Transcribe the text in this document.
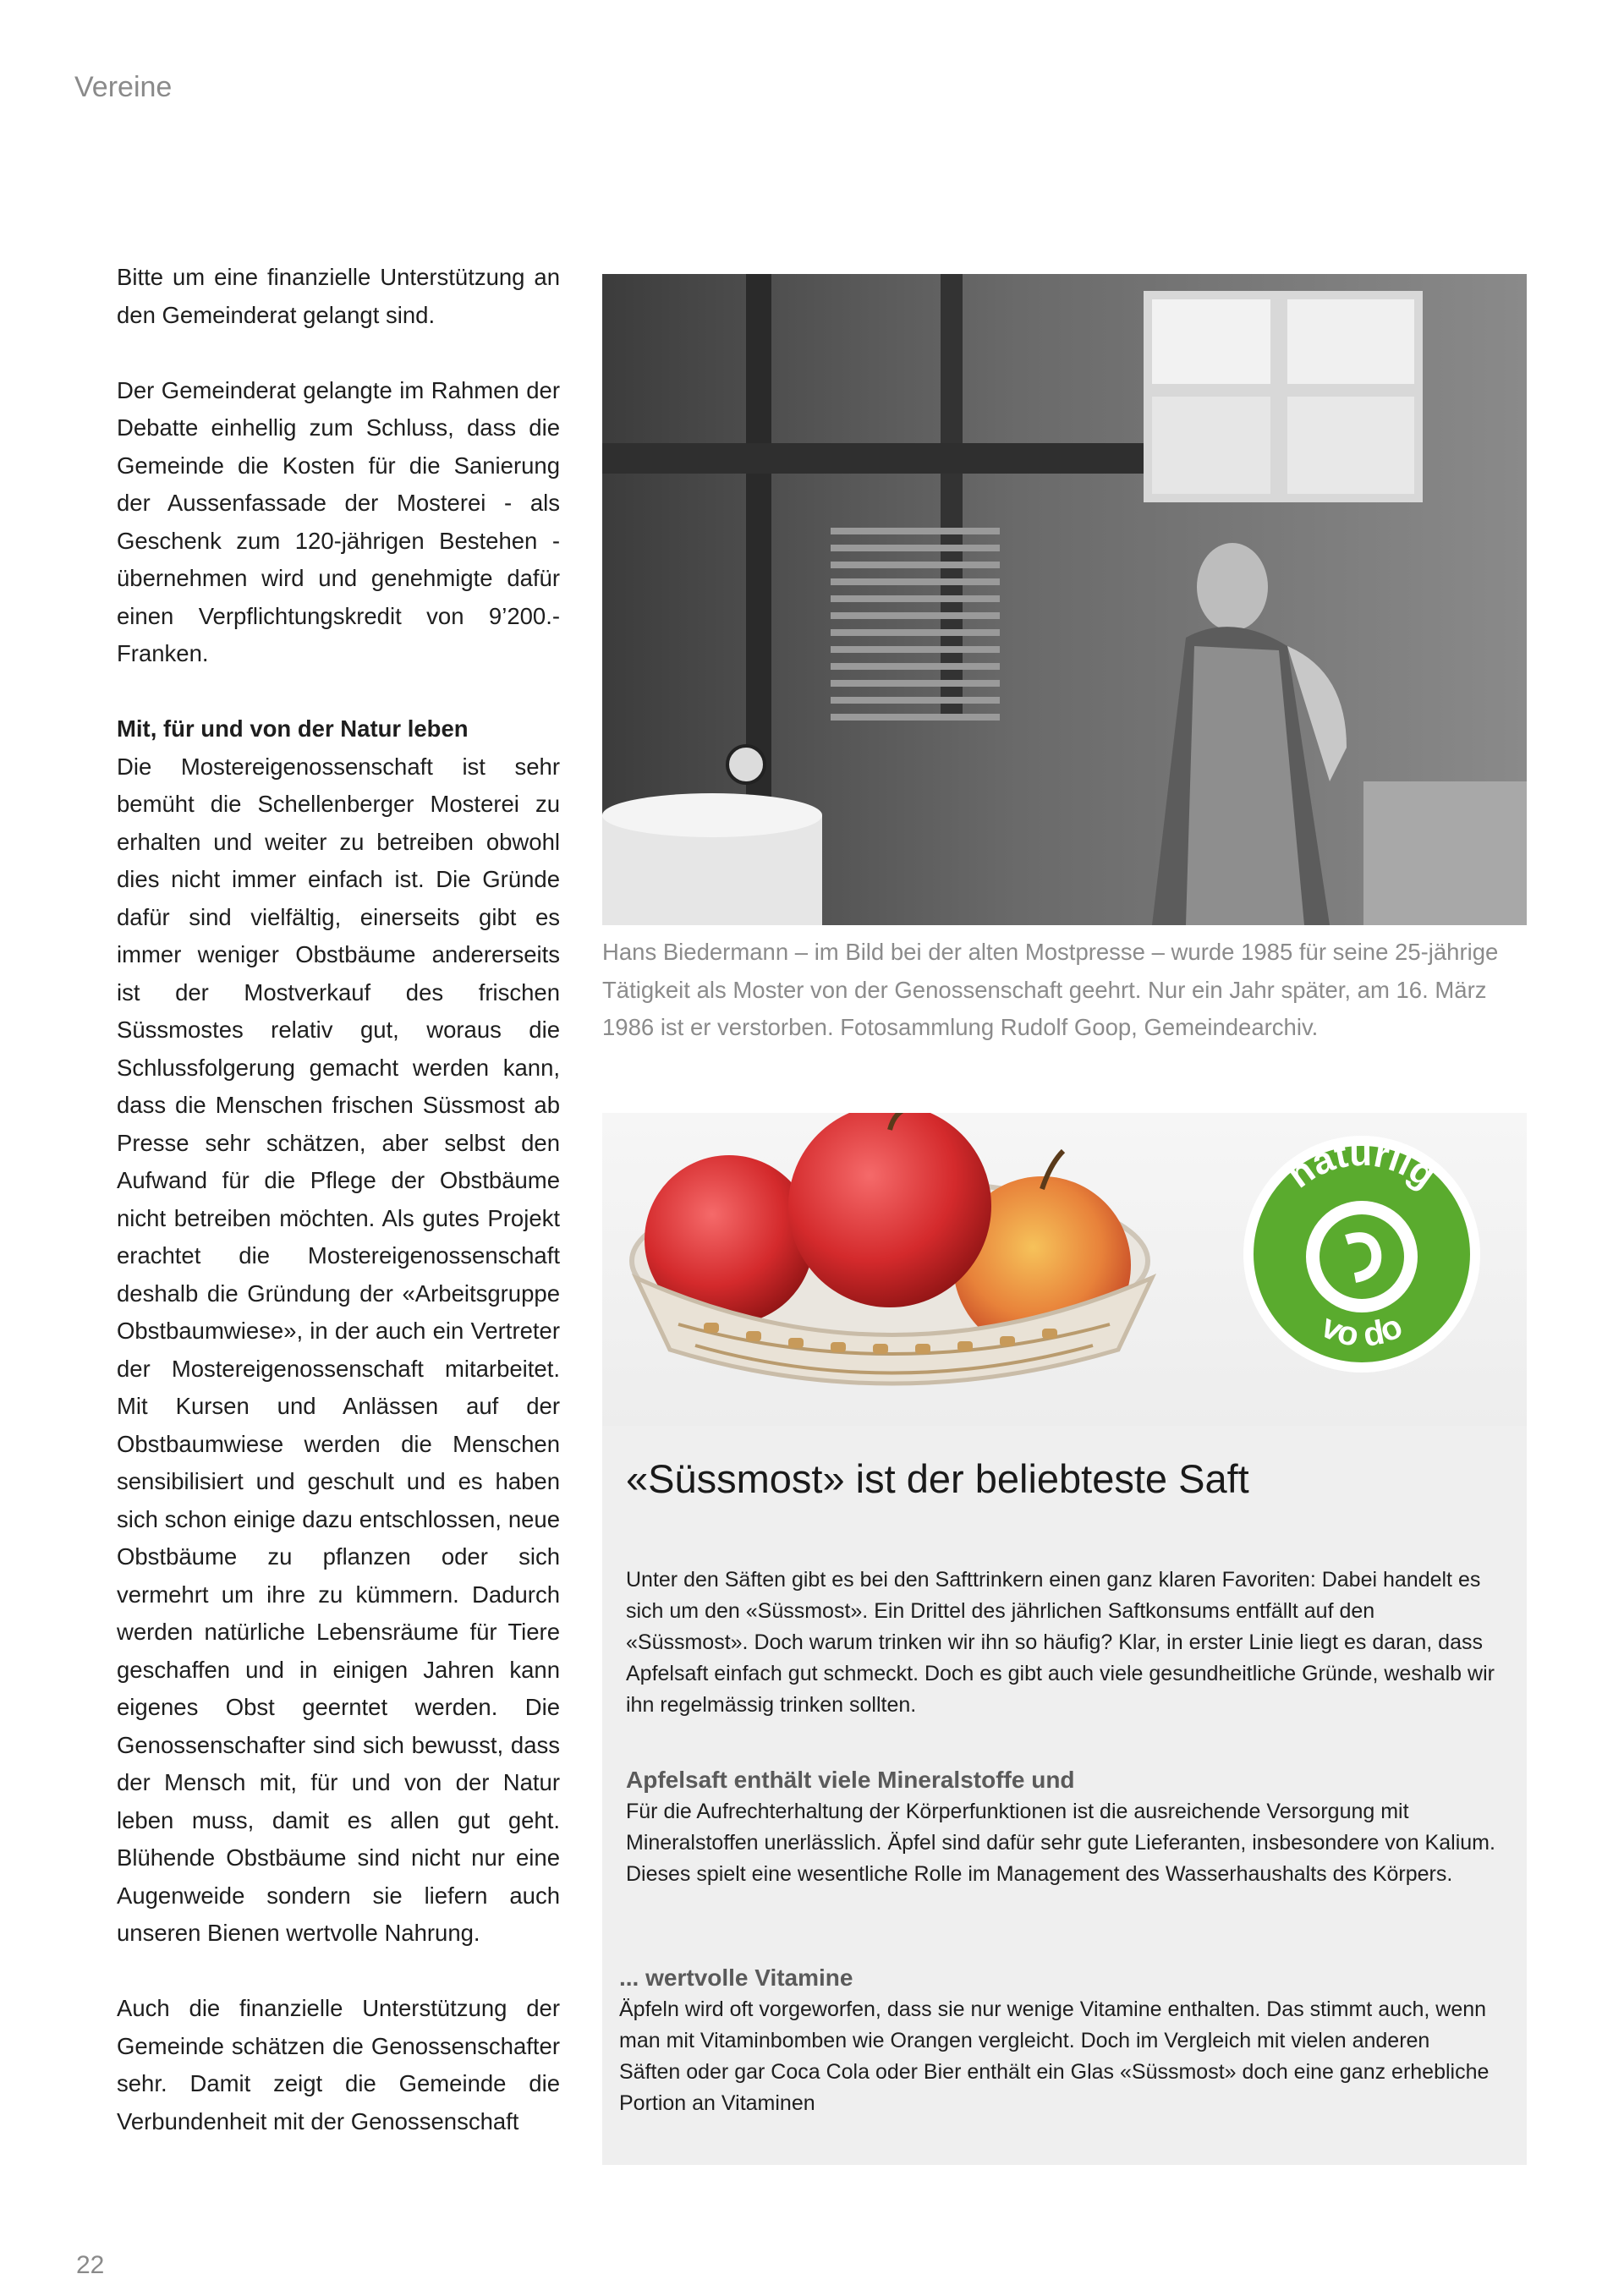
Vereine

Bitte um eine finanzielle Unterstützung an den Gemeinderat gelangt sind.

Der Gemeinderat gelangte im Rahmen der Debatte einhellig zum Schluss, dass die Gemeinde die Kosten für die Sanierung der Aussenfassade der Mosterei - als Geschenk zum 120-jährigen Bestehen - übernehmen wird und genehmigte dafür einen Verpflichtungskredit von 9’200.- Franken.

Mit, für und von der Natur leben

Die Mostereigenossenschaft ist sehr bemüht die Schellenberger Mosterei zu erhalten und weiter zu betreiben obwohl dies nicht immer einfach ist. Die Gründe dafür sind vielfältig, einerseits gibt es immer weniger Obstbäume andererseits ist der Mostverkauf des frischen Süssmostes relativ gut, woraus die Schlussfolgerung gemacht werden kann, dass die Menschen frischen Süssmost ab Presse sehr schätzen, aber selbst den Aufwand für die Pflege der Obstbäume nicht betreiben möchten. Als gutes Projekt erachtet die Mostereigenossenschaft deshalb die Gründung der «Arbeitsgruppe Obstbaumwiese», in der auch ein Vertreter der Mostereigenossenschaft mitarbeitet. Mit Kursen und Anlässen auf der Obstbaumwiese werden die Menschen sensibilisiert und geschult und es haben sich schon einige dazu entschlossen, neue Obstbäume zu pflanzen oder sich vermehrt um ihre zu kümmern. Dadurch werden natürliche Lebensräume für Tiere geschaffen und in einigen Jahren kann eigenes Obst geerntet werden. Die Genossenschafter sind sich bewusst, dass der Mensch mit, für und von der Natur leben muss, damit es allen gut geht. Blühende Obstbäume sind nicht nur eine Augenweide sondern sie liefern auch unseren Bienen wertvolle Nahrung.

Auch die finanzielle Unterstützung der Gemeinde schätzen die Genossenschafter sehr. Damit zeigt die Gemeinde die Verbundenheit mit der Genossenschaft

Hans Biedermann – im Bild bei der alten Mostpresse – wurde 1985 für seine 25-jährige Tätigkeit als Moster von der Genossenschaft geehrt. Nur ein Jahr später, am 16. März 1986 ist er verstorben. Fotosammlung Rudolf Goop, Gemeindearchiv.
natürlig
vo do
«Süssmost» ist der beliebteste Saft

Unter den Säften gibt es bei den Safttrinkern einen ganz klaren Favoriten: Dabei handelt es sich um den «Süssmost». Ein Drittel des jährlichen Saftkonsums entfällt auf den «Süssmost». Doch warum trinken wir ihn so häufig? Klar, in erster Linie liegt es daran, dass Apfelsaft einfach gut schmeckt. Doch es gibt auch viele gesundheitliche Gründe, weshalb wir ihn regelmässig trinken sollten.

Apfelsaft enthält viele Mineralstoffe und

Für die Aufrechterhaltung der Körperfunktionen ist die ausreichende Versorgung mit Mineralstoffen unerlässlich. Äpfel sind dafür sehr gute Lieferanten, insbesondere von Kalium. Dieses spielt eine wesentliche Rolle im Management des Wasserhaushalts des Körpers.

... wertvolle Vitamine

Äpfeln wird oft vorgeworfen, dass sie nur wenige Vitamine enthalten. Das stimmt auch, wenn man mit Vitaminbomben wie Orangen vergleicht. Doch im Vergleich mit vielen anderen Säften oder gar Coca Cola oder Bier enthält ein Glas «Süssmost» doch eine ganz erhebliche Portion an Vitaminen

22
